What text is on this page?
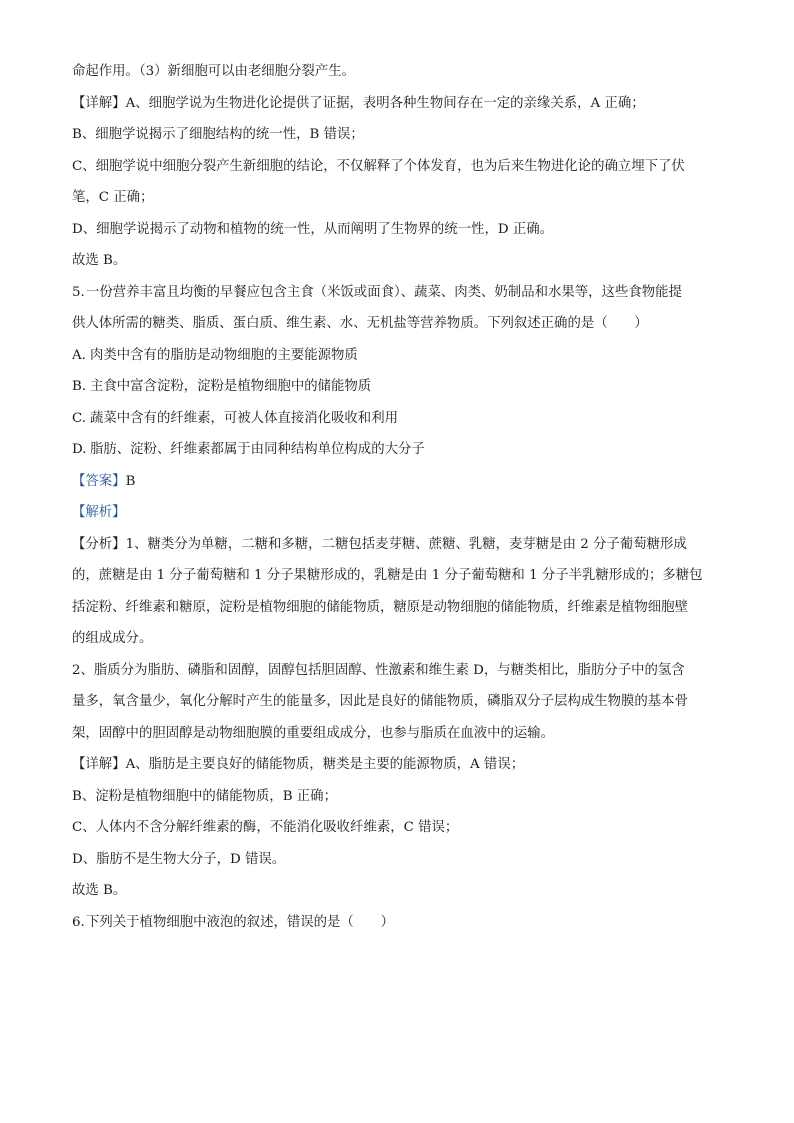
命起作用。（3）新细胞可以由老细胞分裂产生。
【详解】A、细胞学说为生物进化论提供了证据，表明各种生物间存在一定的亲缘关系，A 正确；
B、细胞学说揭示了细胞结构的统一性，B 错误；
C、细胞学说中细胞分裂产生新细胞的结论，不仅解释了个体发育，也为后来生物进化论的确立埋下了伏
笔，C 正确；
D、细胞学说揭示了动物和植物的统一性，从而阐明了生物界的统一性，D 正确。
故选 B。
5.一份营养丰富且均衡的早餐应包含主食（米饭或面食）、蔬菜、肉类、奶制品和水果等，这些食物能提
供人体所需的糖类、脂质、蛋白质、维生素、水、无机盐等营养物质。下列叙述正确的是（　　）
A. 肉类中含有的脂肪是动物细胞的主要能源物质
B. 主食中富含淀粉，淀粉是植物细胞中的储能物质
C. 蔬菜中含有的纤维素，可被人体直接消化吸收和利用
D. 脂肪、淀粉、纤维素都属于由同种结构单位构成的大分子
【答案】B
【解析】
【分析】1、糖类分为单糖，二糖和多糖，二糖包括麦芽糖、蔗糖、乳糖，麦芽糖是由 2 分子葡萄糖形成
的，蔗糖是由 1 分子葡萄糖和 1 分子果糖形成的，乳糖是由 1 分子葡萄糖和 1 分子半乳糖形成的；多糖包
括淀粉、纤维素和糖原，淀粉是植物细胞的储能物质，糖原是动物细胞的储能物质，纤维素是植物细胞壁
的组成成分。
2、脂质分为脂肪、磷脂和固醇，固醇包括胆固醇、性激素和维生素 D，与糖类相比，脂肪分子中的氢含
量多，氧含量少，氧化分解时产生的能量多，因此是良好的储能物质，磷脂双分子层构成生物膜的基本骨
架，固醇中的胆固醇是动物细胞膜的重要组成成分，也参与脂质在血液中的运输。
【详解】A、脂肪是主要良好的储能物质，糖类是主要的能源物质，A 错误；
B、淀粉是植物细胞中的储能物质，B 正确；
C、人体内不含分解纤维素的酶，不能消化吸收纤维素，C 错误；
D、脂肪不是生物大分子，D 错误。
故选 B。
6.下列关于植物细胞中液泡的叙述，错误的是（　　）
